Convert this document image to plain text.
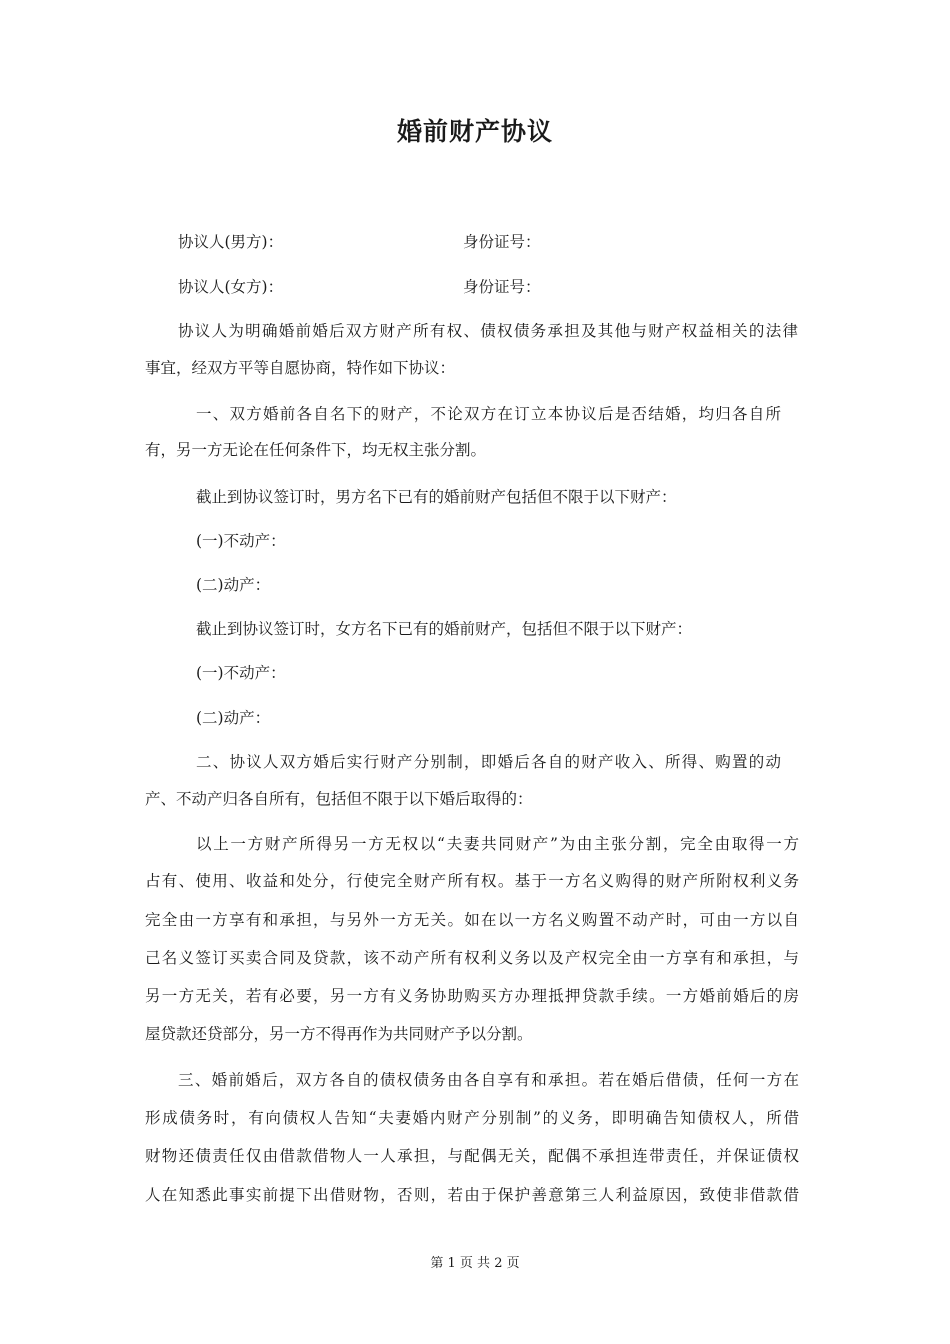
婚前财产协议
协议人(男方)：	身份证号：
协议人(女方)：	身份证号：
协议人为明确婚前婚后双方财产所有权、债权债务承担及其他与财产权益相关的法律
事宜，经双方平等自愿协商，特作如下协议：
一、双方婚前各自名下的财产，不论双方在订立本协议后是否结婚，均归各自所
有，另一方无论在任何条件下，均无权主张分割。
截止到协议签订时，男方名下已有的婚前财产包括但不限于以下财产：
(一)不动产：
(二)动产：
截止到协议签订时，女方名下已有的婚前财产，包括但不限于以下财产：
(一)不动产：
(二)动产：
二、协议人双方婚后实行财产分别制，即婚后各自的财产收入、所得、购置的动
产、不动产归各自所有，包括但不限于以下婚后取得的：
以上一方财产所得另一方无权以“夫妻共同财产”为由主张分割，完全由取得一方
占有、使用、收益和处分，行使完全财产所有权。基于一方名义购得的财产所附权利义务
完全由一方享有和承担，与另外一方无关。如在以一方名义购置不动产时，可由一方以自
己名义签订买卖合同及贷款，该不动产所有权利义务以及产权完全由一方享有和承担，与
另一方无关，若有必要，另一方有义务协助购买方办理抵押贷款手续。一方婚前婚后的房
屋贷款还贷部分，另一方不得再作为共同财产予以分割。
三、婚前婚后，双方各自的债权债务由各自享有和承担。若在婚后借债，任何一方在
形成债务时，有向债权人告知“夫妻婚内财产分别制”的义务，即明确告知债权人，所借
财物还债责任仅由借款借物人一人承担，与配偶无关，配偶不承担连带责任，并保证债权
人在知悉此事实前提下出借财物，否则，若由于保护善意第三人利益原因，致使非借款借
第 1 页 共 2 页
